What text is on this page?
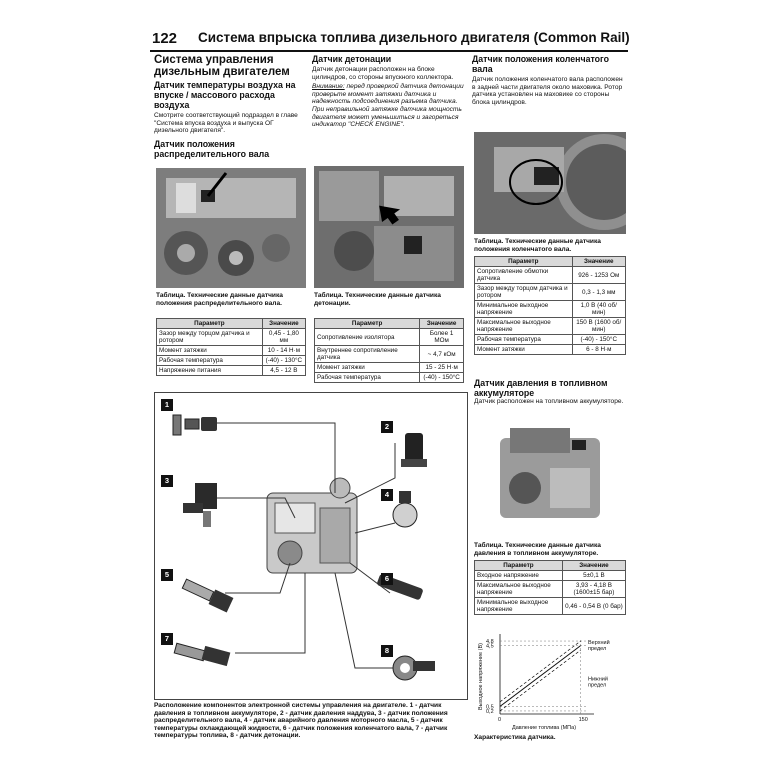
122 Система впрыска топлива дизельного двигателя (Common Rail)
Система управления дизельным двигателем
Датчик температуры воздуха на впуске / массового расхода воздуха
Смотрите соответствующий подраздел в главе "Система впуска воздуха и выпуска ОГ дизельного двигателя".
Датчик положения распределительного вала
Таблица. Технические данные датчика положения распределительного вала.
Параметр	Значение
Зазор между торцом датчика и ротором	0,45 - 1,80 мм
Момент затяжки	10 - 14 Н·м
Рабочая температура	(-40) - 130°C
Напряжение питания	4,5 - 12 В
Датчик детонации
Датчик детонации расположен на блоке цилиндров, со стороны впускного коллектора.
Внимание: перед проверкой датчика детонации проверьте момент затяжки датчика и надежность подсоединения разъема датчика. При неправильной затяжке датчика мощность двигателя может уменьшиться и загореться индикатор "CHECK ENGINE".
Таблица. Технические данные датчика детонации.
Параметр	Значение
Сопротивление изолятора	Более 1 МОм
Внутреннее сопротивление датчика	~ 4,7 кОм
Момент затяжки	15 - 25 Н·м
Рабочая температура	(-40) - 150°C
Датчик положения коленчатого вала
Датчик положения коленчатого вала расположен в задней части двигателя около маховика. Ротор датчика установлен на маховике со стороны блока цилиндров.
Таблица. Технические данные датчика положения коленчатого вала.
Параметр	Значение
Сопротивление обмотки датчика	926 - 1253 Ом
Зазор между торцом датчика и ротором	0,3 - 1,3 мм
Минимальное выходное напряжение	1,0 В (40 об/мин)
Максимальное выходное напряжение	150 В (1600 об/мин)
Рабочая температура	(-40) - 150°C
Момент затяжки	6 - 8 Н·м
Датчик давления в топливном аккумуляторе
Датчик расположен на топливном аккумуляторе.
Таблица. Технические данные датчика давления в топливном аккумуляторе.
Параметр	Значение
Входное напряжение	5±0,1 В
Максимальное выходное напряжение	3,93 - 4,18 В (1600±15 бар)
Минимальное выходное напряжение	0,46 - 0,54 В (0 бар)
0,2
0,5
4,5
4,8
0	150
Давление топлива (МПа)
Выходное напряжение (В)	Верхний предел
Нижний предел
Характеристика датчика.
1
2
3
4
5	6
7
8
Расположение компонентов электронной системы управления на двигателе. 1 - датчик давления в топливном аккумуляторе, 2 - датчик давления наддува, 3 - датчик положения распределительного вала, 4 - датчик аварийного давления моторного масла, 5 - датчик температуры охлаждающей жидкости, 6 - датчик положения коленчатого вала, 7 - датчик температуры топлива, 8 - датчик детонации.
